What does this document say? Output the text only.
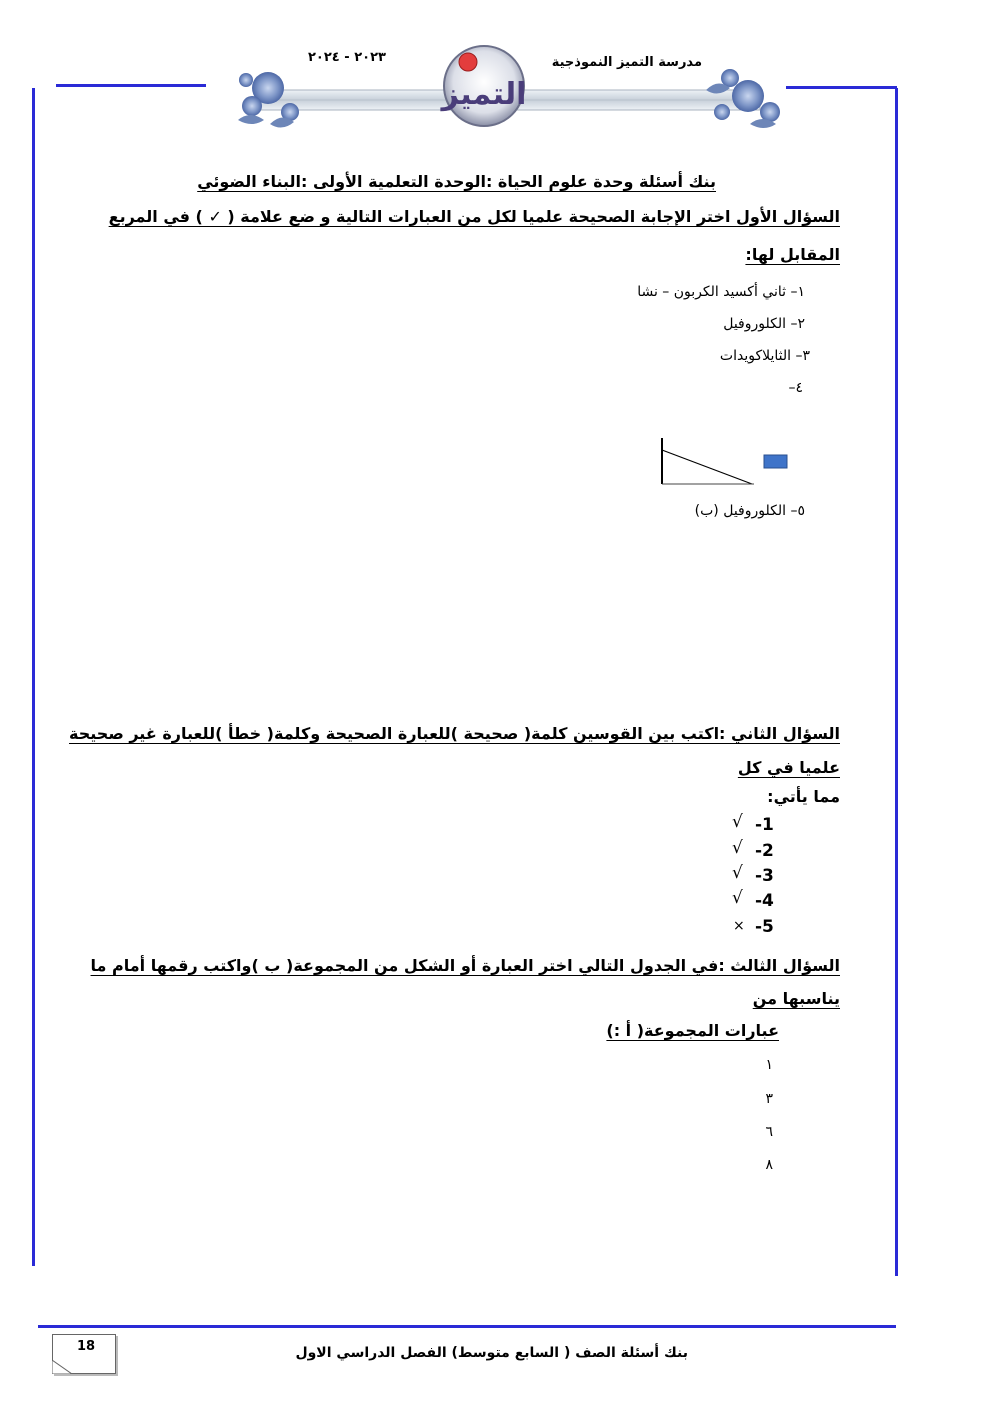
التميز
مدرسة التميز النموذجية
٢٠٢٣ - ٢٠٢٤
بنك أسئلة وحدة علوم الحياة :الوحدة التعلمية الأولى :البناء الضوئي
السؤال الأول اختر الإجابة الصحيحة علميا لكل من العبارات التالية و ضع علامة ( ✓ ) في المربع
المقابل لها:
١– ثاني أكسيد الكربون – نشا
٢– الكلوروفيل
٣– الثايلاكويدات
٤–
٥– الكلوروفيل (ب)
السؤال الثاني :اكتب بين القوسين كلمة( صحيحة )للعبارة الصحيحة وكلمة( خطأ )للعبارة غير صحيحة
علميا في كل
مما يأتي:
-1
√
-2
√
-3
√
-4
√
-5
×
السؤال الثالث :في الجدول التالي اختر العبارة أو الشكل من المجموعة( ب )واكتب رقمها أمام ما
يناسبها من
عبارات المجموعة( أ :)
١
٣
٦
٨
18	بنك أسئلة الصف ( السابع متوسط) الفصل الدراسي الاول
